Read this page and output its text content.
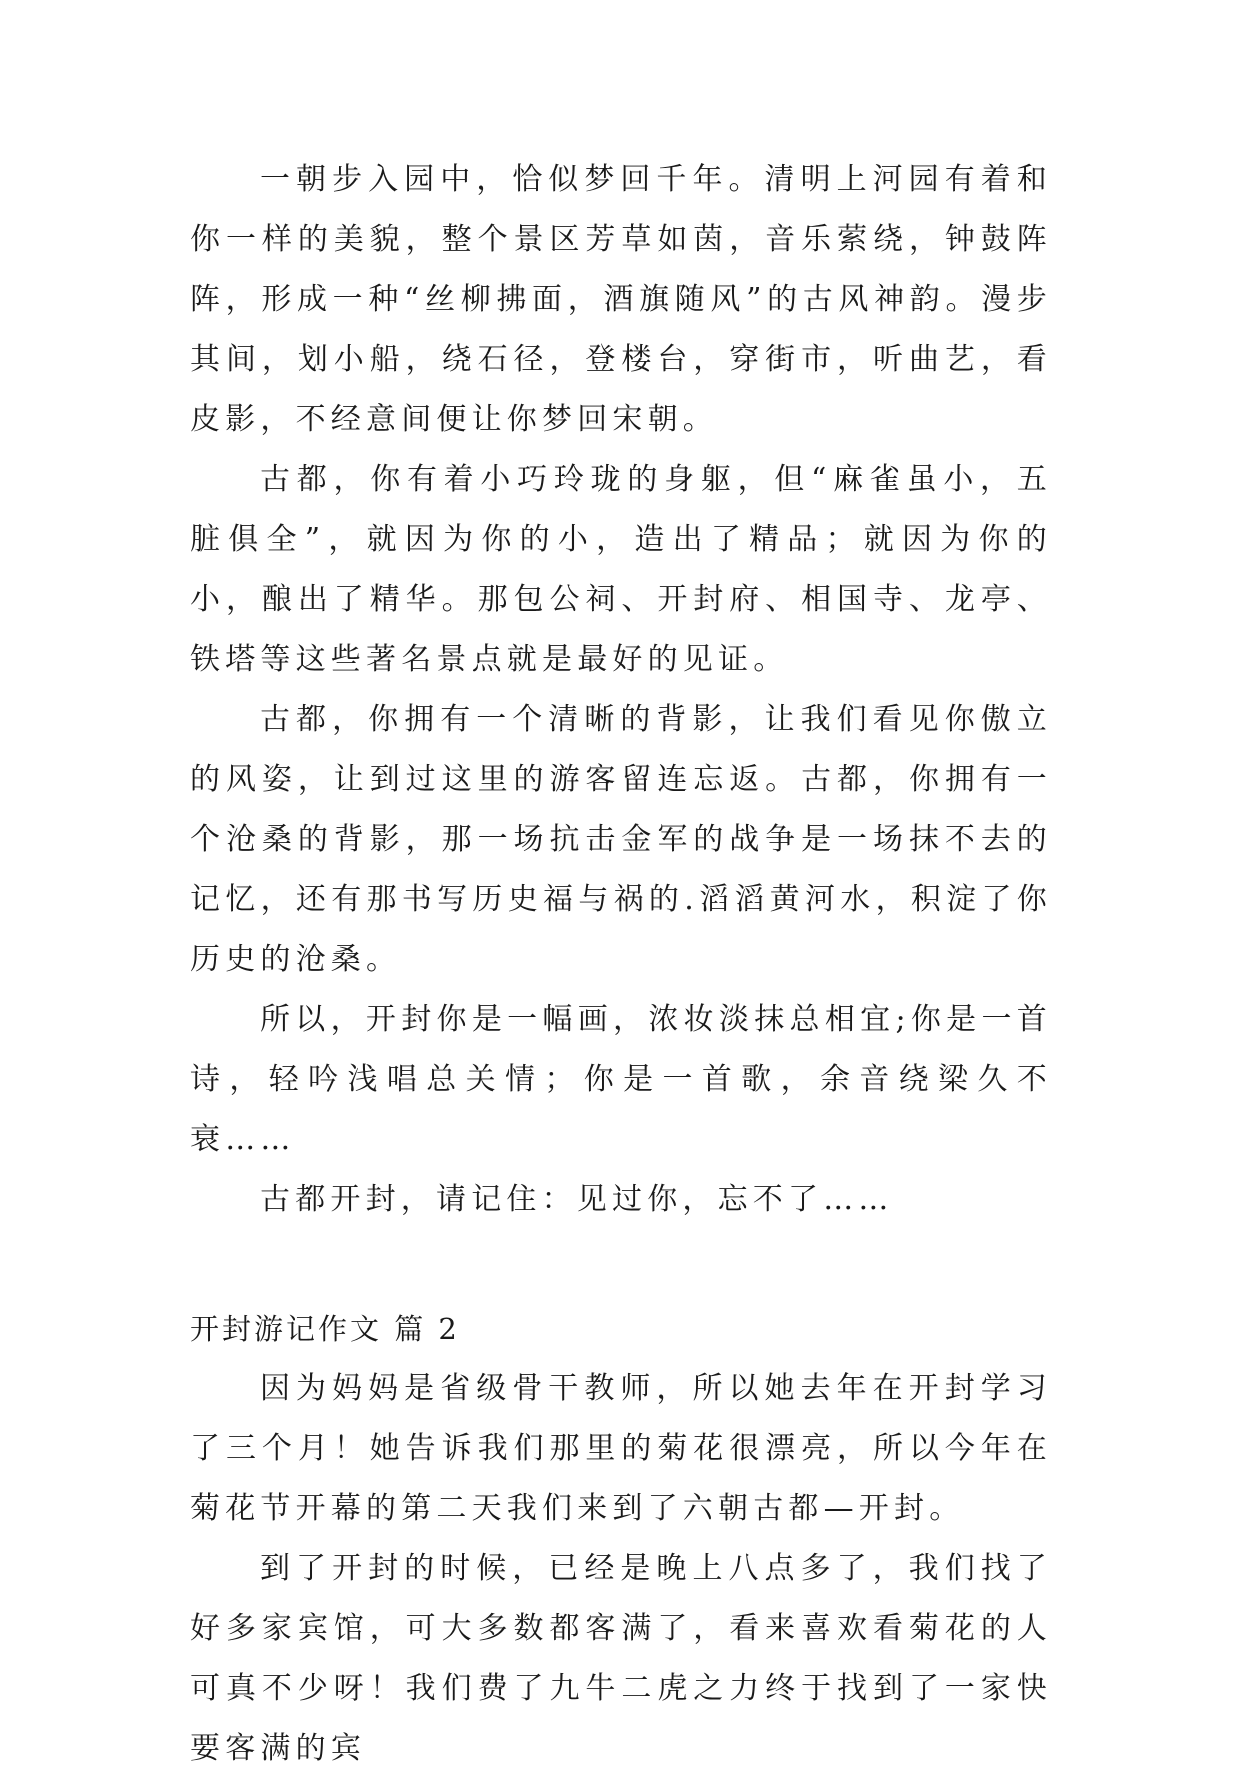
一朝步入园中，恰似梦回千年。清明上河园有着和你一样的美貌，整个景区芳草如茵，音乐萦绕，钟鼓阵阵，形成一种“丝柳拂面，酒旗随风”的古风神韵。漫步其间，划小船，绕石径，登楼台，穿街市，听曲艺，看皮影，不经意间便让你梦回宋朝。

古都，你有着小巧玲珑的身躯，但“麻雀虽小，五脏俱全”，就因为你的小，造出了精品；就因为你的小，酿出了精华。那包公祠、开封府、相国寺、龙亭、铁塔等这些著名景点就是最好的见证。

古都，你拥有一个清晰的背影，让我们看见你傲立的风姿，让到过这里的游客留连忘返。古都，你拥有一个沧桑的背影，那一场抗击金军的战争是一场抹不去的记忆，还有那书写历史福与祸的.滔滔黄河水，积淀了你历史的沧桑。

所以，开封你是一幅画，浓妆淡抹总相宜;你是一首诗，轻吟浅唱总关情；你是一首歌，余音绕梁久不衰……

古都开封，请记住：见过你，忘不了……

开封游记作文 篇 2

因为妈妈是省级骨干教师，所以她去年在开封学习了三个月！她告诉我们那里的菊花很漂亮，所以今年在菊花节开幕的第二天我们来到了六朝古都—开封。

到了开封的时候，已经是晚上八点多了，我们找了好多家宾馆，可大多数都客满了，看来喜欢看菊花的人可真不少呀！我们费了九牛二虎之力终于找到了一家快要客满的宾
